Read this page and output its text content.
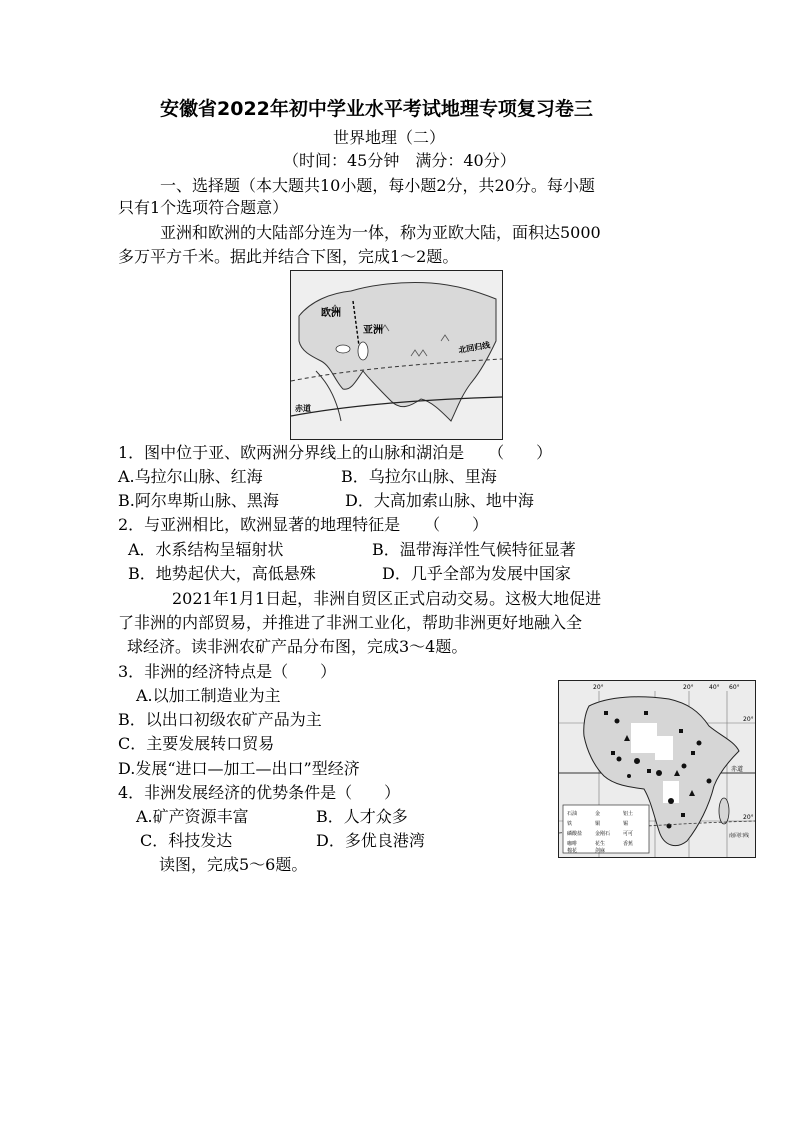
安徽省2022年初中学业水平考试地理专项复习卷三
世界地理（二）
（时间：45分钟　满分：40分）
一、选择题（本大题共10小题，每小题2分，共20分。每小题
只有1个选项符合题意）
亚洲和欧洲的大陆部分连为一体，称为亚欧大陆，面积达5000
多万平方千米。据此并结合下图，完成1～2题。
欧洲
亚洲
北回归线
赤道
1．图中位于亚、欧两洲分界线上的山脉和湖泊是　　（　　）
A.乌拉尔山脉、红海	B．乌拉尔山脉、里海
B.阿尔卑斯山脉、黑海	D．大高加索山脉、地中海
2．与亚洲相比，欧洲显著的地理特征是　　（　　）
A．水系结构呈辐射状	B．温带海洋性气候特征显著
B．地势起伏大，高低悬殊	D．几乎全部为发展中国家
2021年1月1日起，非洲自贸区正式启动交易。这极大地促进
了非洲的内部贸易，并推进了非洲工业化，帮助非洲更好地融入全
球经济。读非洲农矿产品分布图，完成3～4题。
3．非洲的经济特点是（　　）
A.以加工制造业为主
B．以出口初级农矿产品为主
C．主要发展转口贸易
D.发展“进口—加工—出口”型经济
4．非洲发展经济的优势条件是（　　）
A.矿产资源丰富	B．人才众多
C．科技发达	D．多优良港湾
读图，完成5～6题。
石油	金	铝土
铁	铜	锡
磷酸盐	金刚石	可可
咖啡	花生	香蕉
棉花	剑麻
20°	20°	40° 60°
20°
20°
赤道
南回归线
